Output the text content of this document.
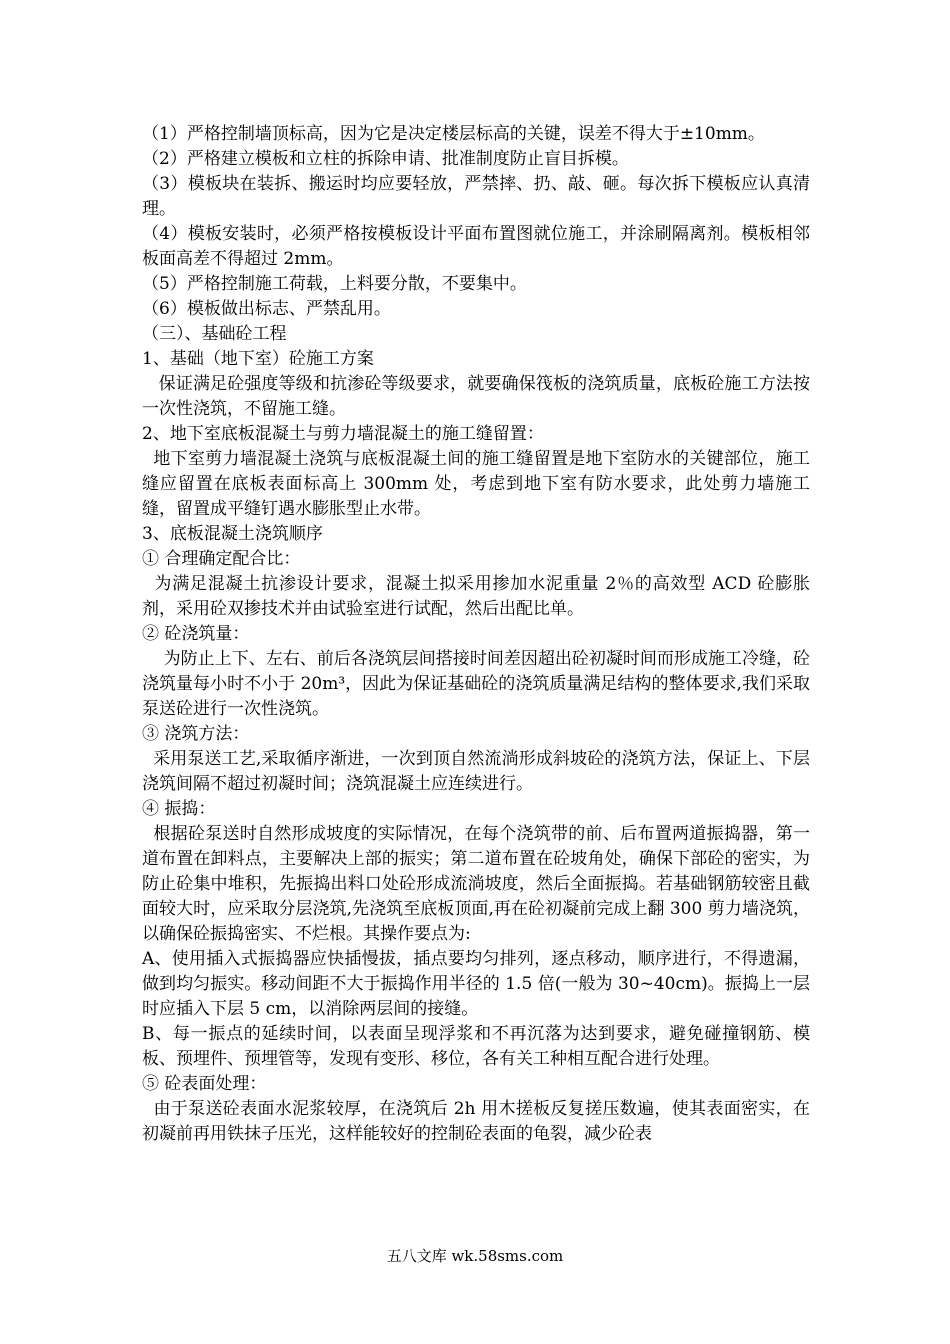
（1）严格控制墙顶标高，因为它是决定楼层标高的关键，误差不得大于±10mm。

（2）严格建立模板和立柱的拆除申请、批准制度防止盲目拆模。

（3）模板块在装拆、搬运时均应要轻放，严禁摔、扔、敲、砸。每次拆下模板应认真清理。

（4）模板安装时，必须严格按模板设计平面布置图就位施工，并涂刷隔离剂。模板相邻板面高差不得超过 2mm。

（5）严格控制施工荷载，上料要分散，不要集中。

（6）模板做出标志、严禁乱用。

（三）、基础砼工程

1、基础（地下室）砼施工方案

保证满足砼强度等级和抗渗砼等级要求，就要确保筏板的浇筑质量，底板砼施工方法按一次性浇筑，不留施工缝。

2、地下室底板混凝土与剪力墙混凝土的施工缝留置：

地下室剪力墙混凝土浇筑与底板混凝土间的施工缝留置是地下室防水的关键部位，施工缝应留置在底板表面标高上 300mm 处，考虑到地下室有防水要求，此处剪力墙施工缝，留置成平缝钉遇水膨胀型止水带。

3、底板混凝土浇筑顺序

① 合理确定配合比：

为满足混凝土抗渗设计要求，混凝土拟采用掺加水泥重量 2％的高效型 ACD 砼膨胀剂，采用砼双掺技术并由试验室进行试配，然后出配比单。

② 砼浇筑量：

为防止上下、左右、前后各浇筑层间搭接时间差因超出砼初凝时间而形成施工冷缝，砼浇筑量每小时不小于 20m³，因此为保证基础砼的浇筑质量满足结构的整体要求,我们采取泵送砼进行一次性浇筑。

③ 浇筑方法：

采用泵送工艺,采取循序渐进，一次到顶自然流淌形成斜坡砼的浇筑方法，保证上、下层浇筑间隔不超过初凝时间；浇筑混凝土应连续进行。

④ 振捣：

根据砼泵送时自然形成坡度的实际情况，在每个浇筑带的前、后布置两道振捣器，第一道布置在卸料点，主要解决上部的振实；第二道布置在砼坡角处，确保下部砼的密实，为防止砼集中堆积，先振捣出料口处砼形成流淌坡度，然后全面振捣。若基础钢筋较密且截面较大时，应采取分层浇筑,先浇筑至底板顶面,再在砼初凝前完成上翻 300 剪力墙浇筑，以确保砼振捣密实、不烂根。其操作要点为:

A、使用插入式振捣器应快插慢拔，插点要均匀排列，逐点移动，顺序进行，不得遗漏，做到均匀振实。移动间距不大于振捣作用半径的 1.5 倍(一般为 30~40cm)。振捣上一层时应插入下层 5 cm，以消除两层间的接缝。

B、每一振点的延续时间，以表面呈现浮浆和不再沉落为达到要求，避免碰撞钢筋、模板、预埋件、预埋管等，发现有变形、移位，各有关工种相互配合进行处理。

⑤ 砼表面处理：

由于泵送砼表面水泥浆较厚，在浇筑后 2h 用木搓板反复搓压数遍，使其表面密实，在初凝前再用铁抹子压光，这样能较好的控制砼表面的龟裂，减少砼表

五八文库 wk.58sms.com
